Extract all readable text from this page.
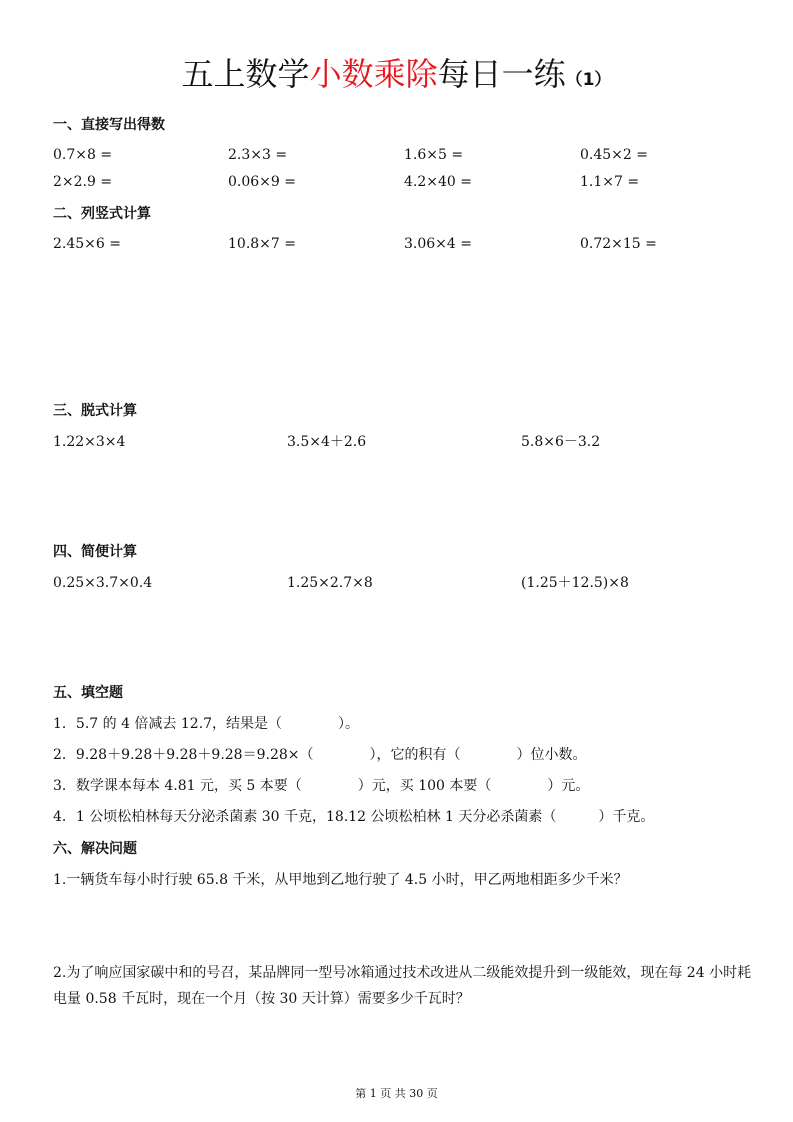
五上数学小数乘除每日一练（1）
一、直接写出得数
0.7×8 =	2.3×3 =	1.6×5 =	0.45×2 =
2×2.9 =	0.06×9 =	4.2×40 =	1.1×7 =
二、列竖式计算
2.45×6 =	10.8×7 =	3.06×4 =	0.72×15 =
三、脱式计算
1.22×3×4	3.5×4＋2.6	5.8×6－3.2
四、简便计算
0.25×3.7×0.4	1.25×2.7×8	(1.25＋12.5)×8
五、填空题
1．5.7 的 4 倍减去 12.7，结果是（　　　　）。
2．9.28＋9.28＋9.28＋9.28＝9.28×（　　　　），它的积有（　　　　）位小数。
3．数学课本每本 4.81 元，买 5 本要（　　　　）元，买 100 本要（　　　　）元。
4．1 公顷松柏林每天分泌杀菌素 30 千克，18.12 公顷松柏林 1 天分必杀菌素（　　　）千克。
六、解决问题
1.一辆货车每小时行驶 65.8 千米，从甲地到乙地行驶了 4.5 小时，甲乙两地相距多少千米？
2.为了响应国家碳中和的号召，某品牌同一型号冰箱通过技术改进从二级能效提升到一级能效，现在每 24 小时耗电量 0.58 千瓦时，现在一个月（按 30 天计算）需要多少千瓦时？
第 1 页 共 30 页
